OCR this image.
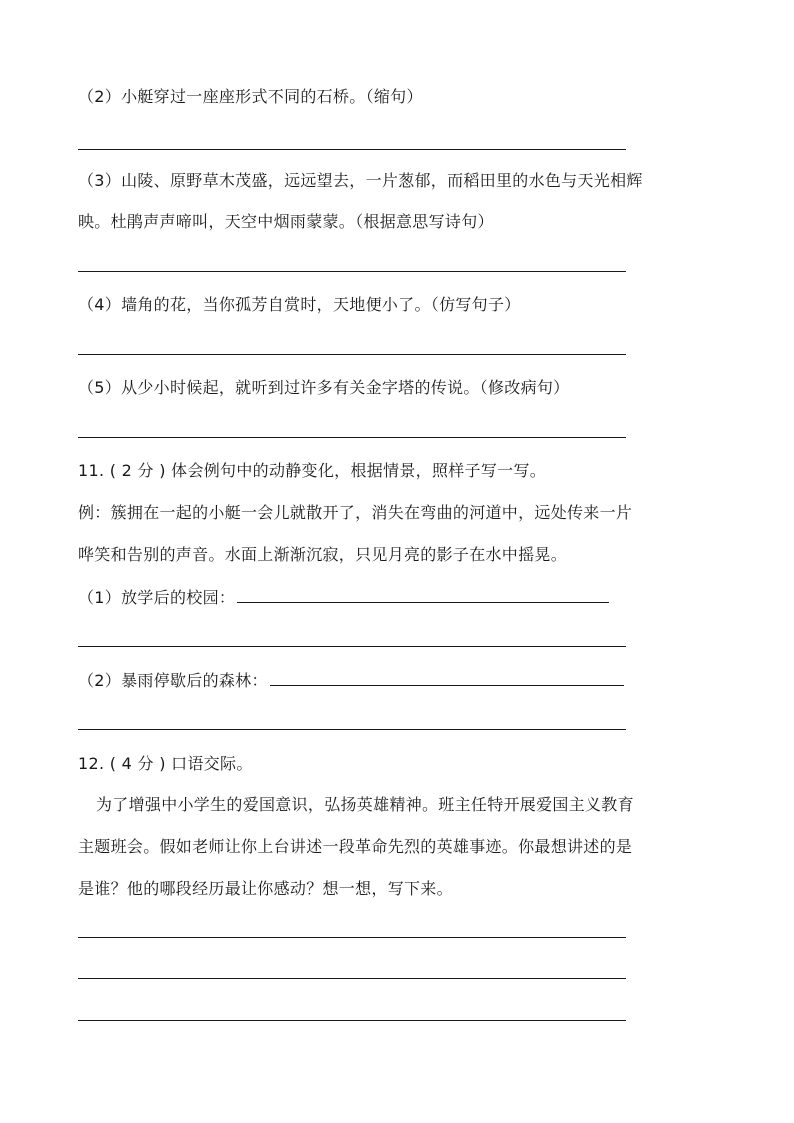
（2）小艇穿过一座座形式不同的石桥。（缩句）
（3）山陵、原野草木茂盛，远远望去，一片葱郁，而稻田里的水色与天光相辉
映。杜鹃声声啼叫，天空中烟雨蒙蒙。（根据意思写诗句）
（4）墙角的花，当你孤芳自赏时，天地便小了。（仿写句子）
（5）从少小时候起，就听到过许多有关金字塔的传说。（修改病句）
11. ( 2 分 ) 体会例句中的动静变化，根据情景，照样子写一写。
例：簇拥在一起的小艇一会儿就散开了，消失在弯曲的河道中，远处传来一片
哗笑和告别的声音。水面上渐渐沉寂，只见月亮的影子在水中摇晃。
（1）放学后的校园：
（2）暴雨停歇后的森林：
12. ( 4 分 ) 口语交际。
为了增强中小学生的爱国意识，弘扬英雄精神。班主任特开展爱国主义教育
主题班会。假如老师让你上台讲述一段革命先烈的英雄事迹。你最想讲述的是
是谁？他的哪段经历最让你感动？想一想，写下来。
